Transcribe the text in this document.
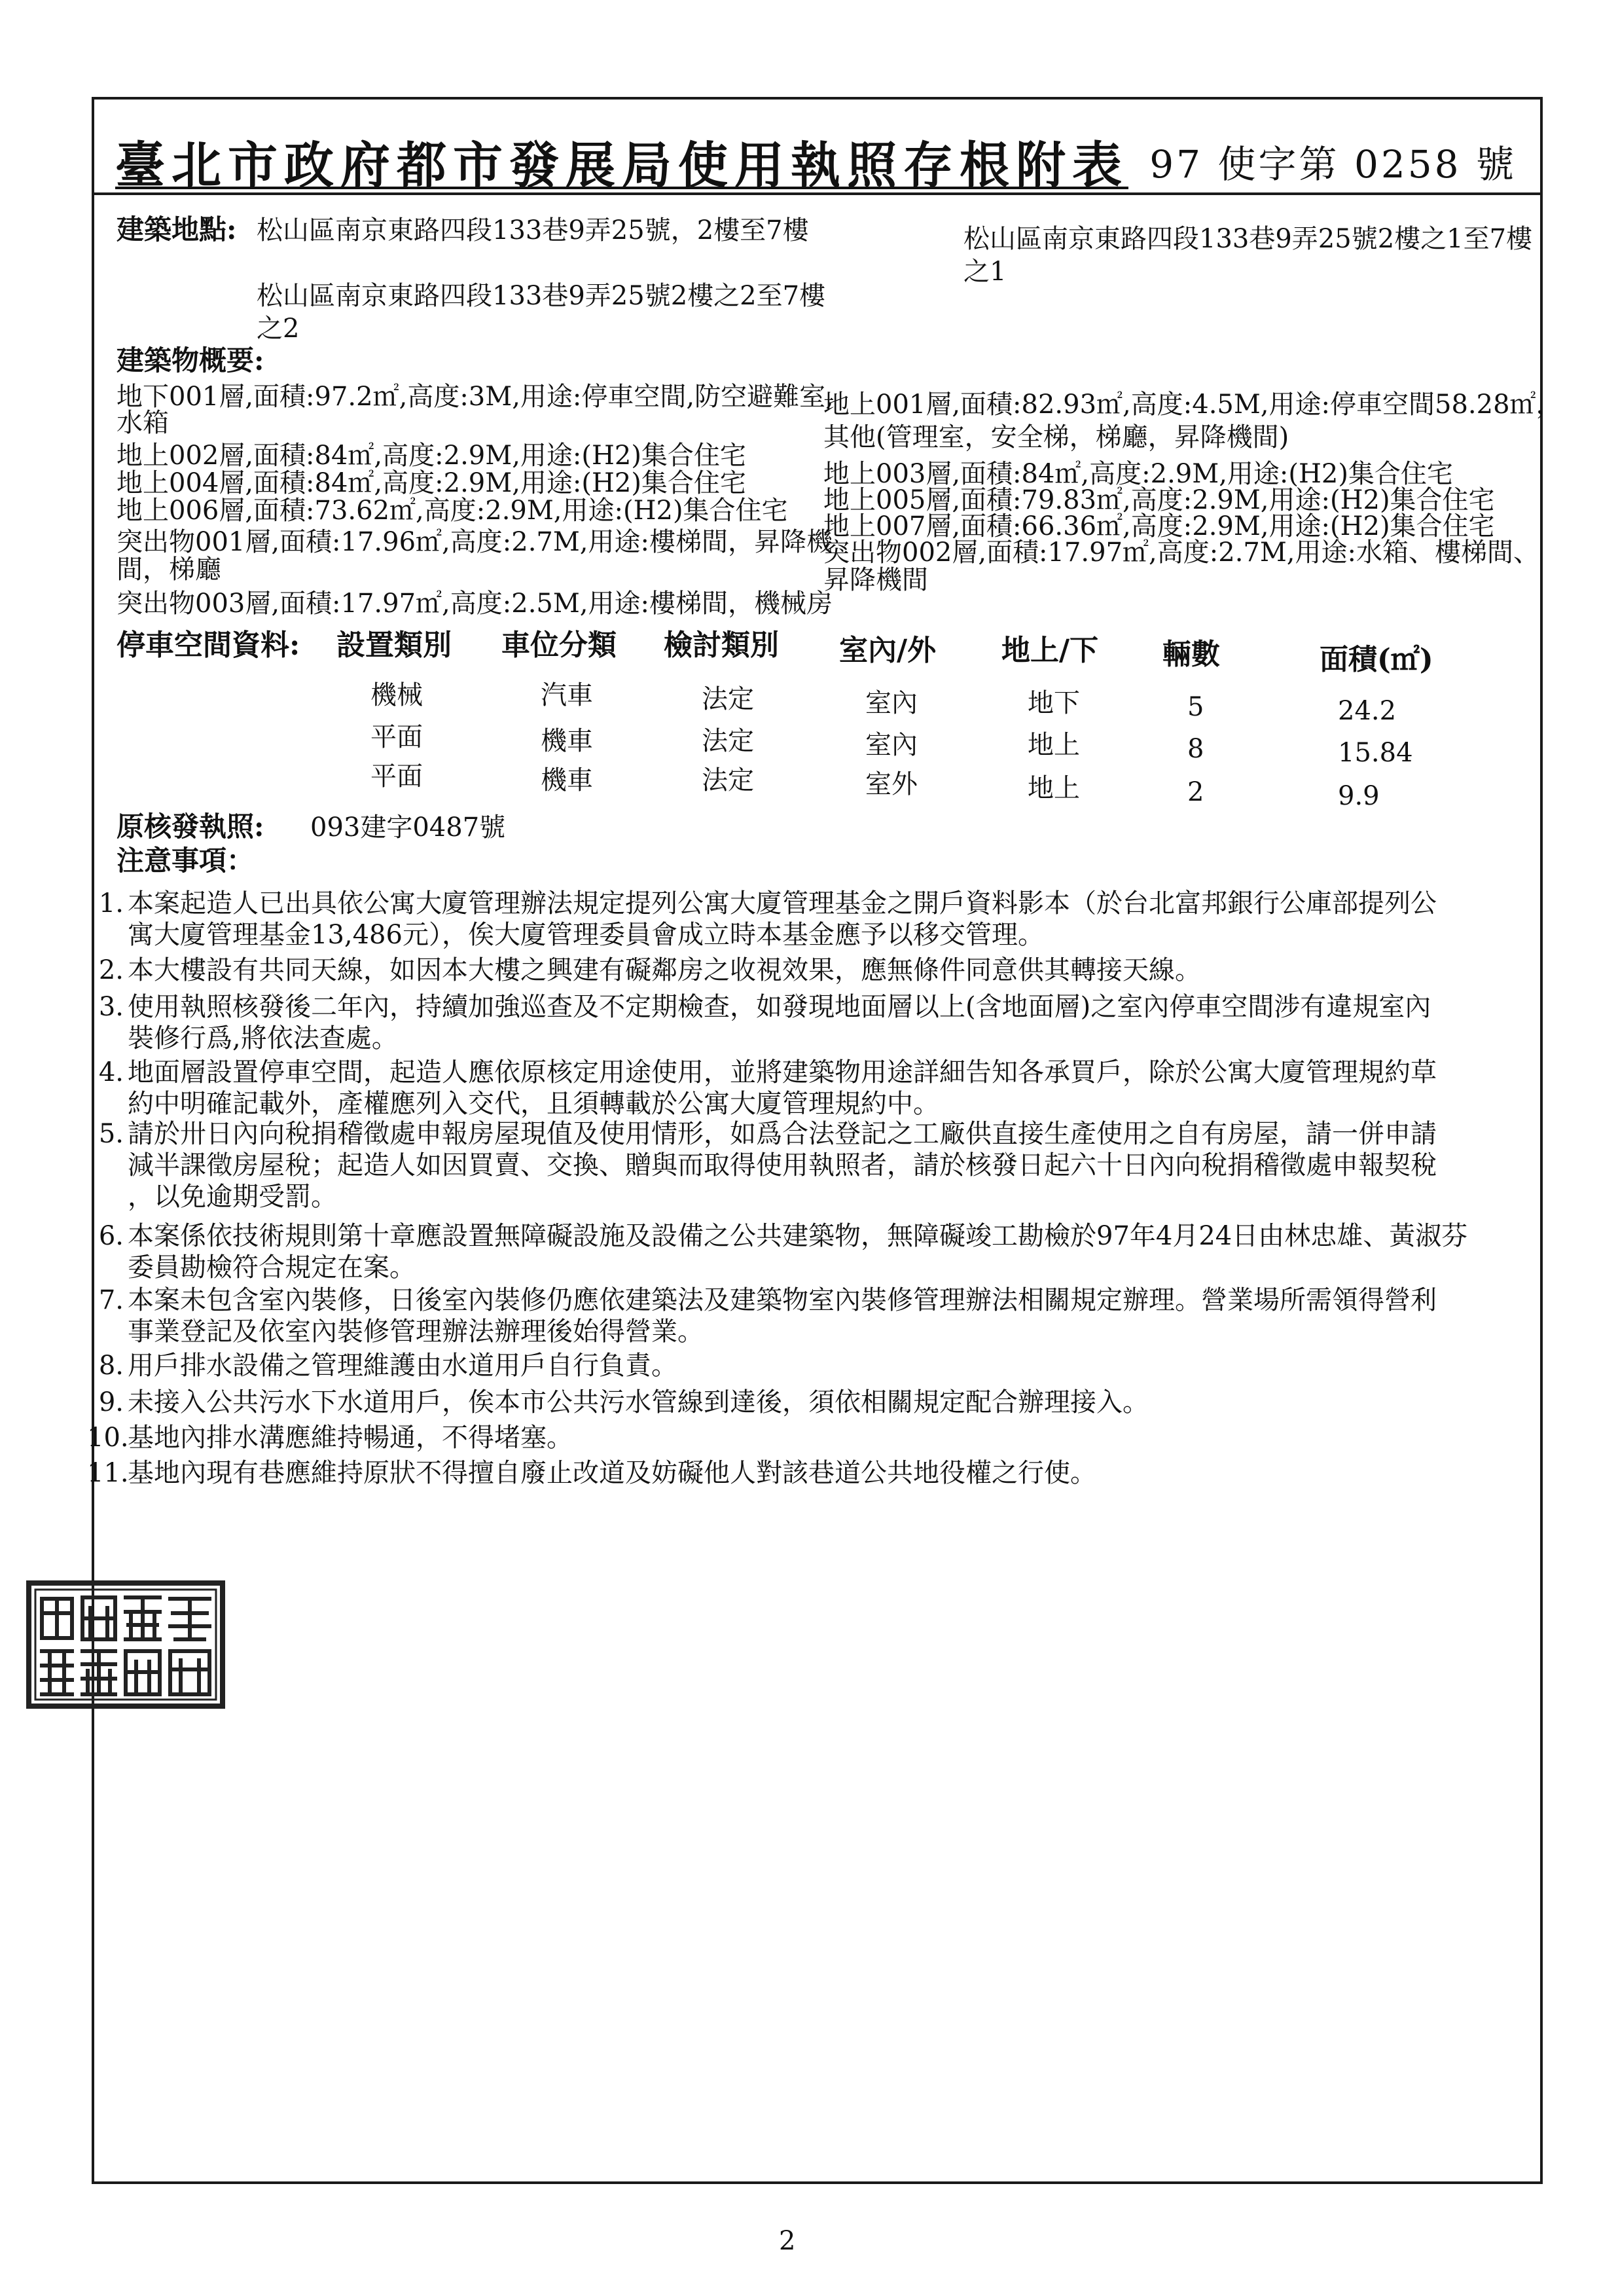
臺北市政府都市發展局使用執照存根附表 97 使字第 0258 號
建築地點: 松山區南京東路四段133巷9弄25號，2樓至7樓
松山區南京東路四段133巷9弄25號2樓之2至7樓
之2
松山區南京東路四段133巷9弄25號2樓之1至7樓
之1
建築物概要:
地下001層,面積:97.2㎡,高度:3M,用途:停車空間,防空避難室,
水箱
地上002層,面積:84㎡,高度:2.9M,用途:(H2)集合住宅
地上004層,面積:84㎡,高度:2.9M,用途:(H2)集合住宅
地上006層,面積:73.62㎡,高度:2.9M,用途:(H2)集合住宅
突出物001層,面積:17.96㎡,高度:2.7M,用途:樓梯間，昇降機
間，梯廳
突出物003層,面積:17.97㎡,高度:2.5M,用途:樓梯間，機械房
地上001層,面積:82.93㎡,高度:4.5M,用途:停車空間58.28㎡，
其他(管理室，安全梯，梯廳，昇降機間)
地上003層,面積:84㎡,高度:2.9M,用途:(H2)集合住宅
地上005層,面積:79.83㎡,高度:2.9M,用途:(H2)集合住宅
地上007層,面積:66.36㎡,高度:2.9M,用途:(H2)集合住宅
突出物002層,面積:17.97㎡,高度:2.7M,用途:水箱、樓梯間、
昇降機間
停車空間資料: 設置類別 車位分類 檢討類別 室內/外 地上/下 輛數	面積(㎡)
機械	汽車	法定	室內	地下	5	24.2
平面	機車	法定	室內	地上	8	15.84
平面	機車	法定	室外	地上	2	9.9
原核發執照: 093建字0487號
注意事項：
1. 本案起造人已出具依公寓大廈管理辦法規定提列公寓大廈管理基金之開戶資料影本（於台北富邦銀行公庫部提列公
寓大廈管理基金13,486元），俟大廈管理委員會成立時本基金應予以移交管理。
2. 本大樓設有共同天線，如因本大樓之興建有礙鄰房之收視效果，應無條件同意供其轉接天線。
3. 使用執照核發後二年內，持續加強巡查及不定期檢查，如發現地面層以上(含地面層)之室內停車空間涉有違規室內
裝修行爲,將依法查處。
4. 地面層設置停車空間，起造人應依原核定用途使用，並將建築物用途詳細告知各承買戶，除於公寓大廈管理規約草
約中明確記載外，產權應列入交代，且須轉載於公寓大廈管理規約中。
5. 請於卅日內向稅捐稽徵處申報房屋現值及使用情形，如爲合法登記之工廠供直接生產使用之自有房屋，請一併申請
減半課徵房屋稅；起造人如因買賣、交換、贈與而取得使用執照者，請於核發日起六十日內向稅捐稽徵處申報契稅
，以免逾期受罰。
6. 本案係依技術規則第十章應設置無障礙設施及設備之公共建築物，無障礙竣工勘檢於97年4月24日由林忠雄、黃淑芬
委員勘檢符合規定在案。
7. 本案未包含室內裝修，日後室內裝修仍應依建築法及建築物室內裝修管理辦法相關規定辦理。營業場所需領得營利
事業登記及依室內裝修管理辦法辦理後始得營業。
8. 用戶排水設備之管理維護由水道用戶自行負責。
9. 未接入公共污水下水道用戶，俟本市公共污水管線到達後，須依相關規定配合辦理接入。
10.
基地內排水溝應維持暢通，不得堵塞。
11.
基地內現有巷應維持原狀不得擅自廢止改道及妨礙他人對該巷道公共地役權之行使。
2
